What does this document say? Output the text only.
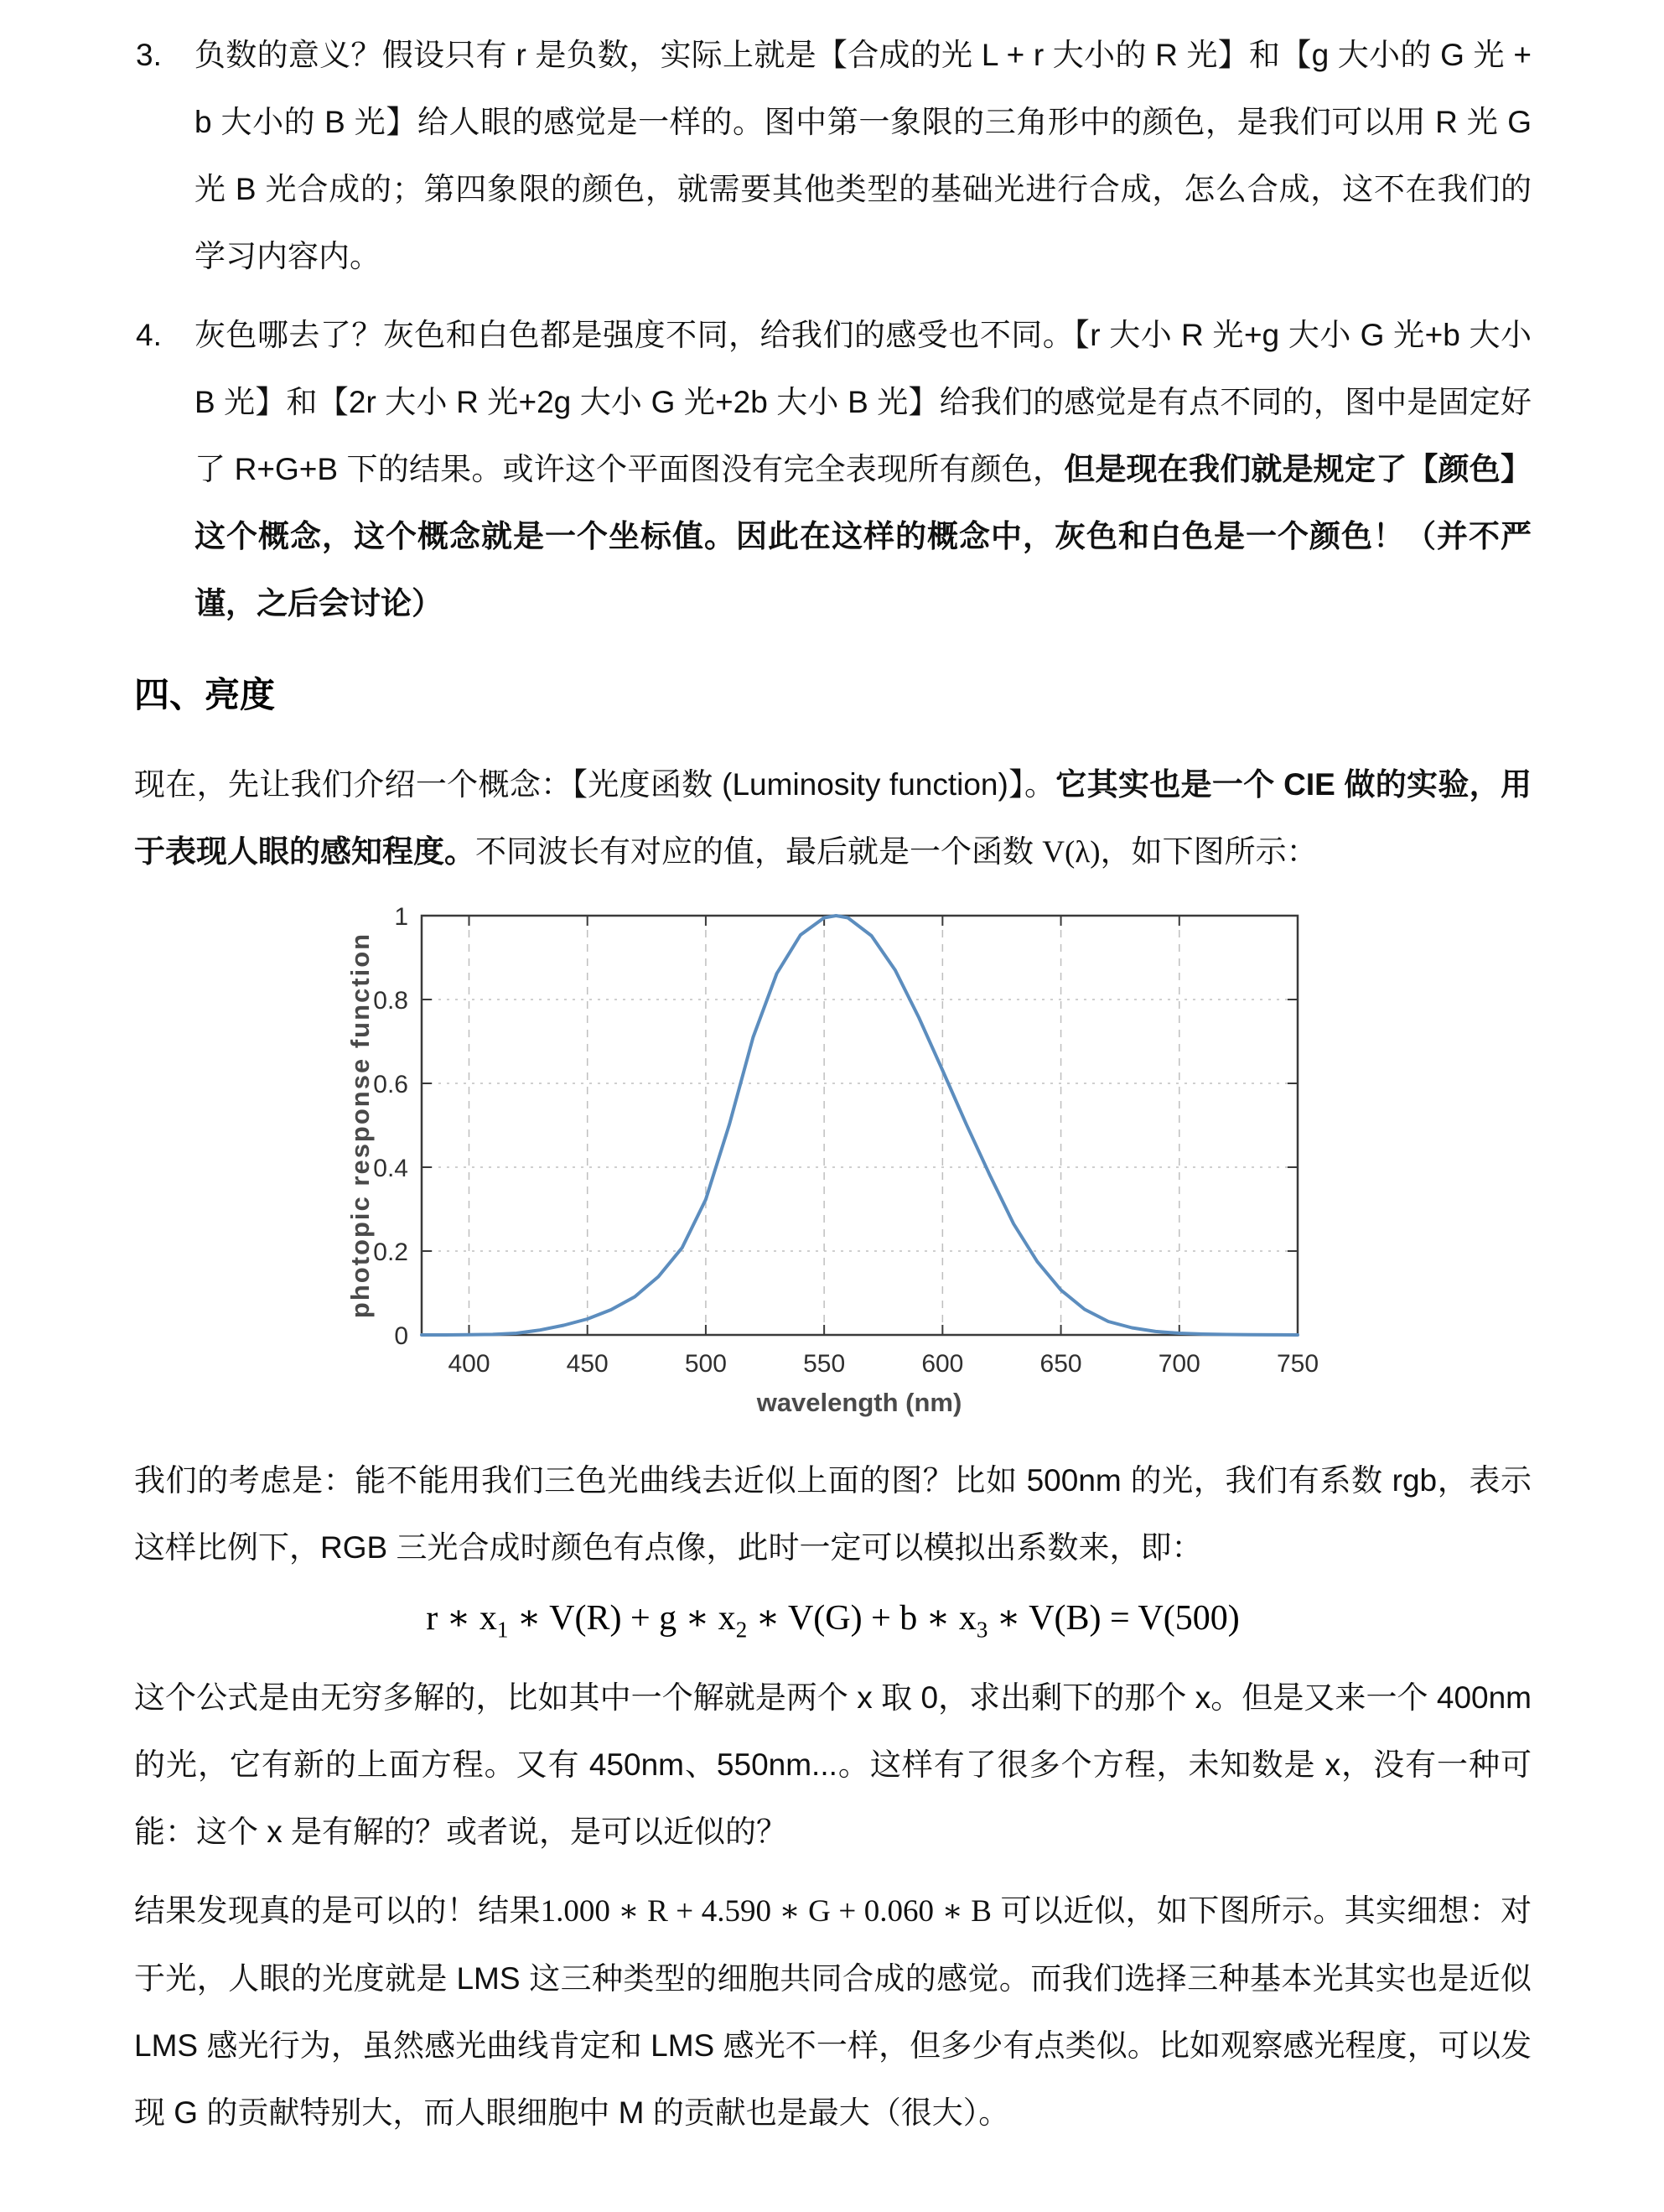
3. 负数的意义？假设只有 r 是负数，实际上就是【合成的光 L + r 大小的 R 光】和【g 大小的 G 光 + b 大小的 B 光】给人眼的感觉是一样的。图中第一象限的三角形中的颜色，是我们可以用 R 光 G 光 B 光合成的；第四象限的颜色，就需要其他类型的基础光进行合成，怎么合成，这不在我们的学习内容内。

4. 灰色哪去了？灰色和白色都是强度不同，给我们的感受也不同。【r 大小 R 光+g 大小 G 光+b 大小 B 光】和【2r 大小 R 光+2g 大小 G 光+2b 大小 B 光】给我们的感觉是有点不同的，图中是固定好了 R+G+B 下的结果。或许这个平面图没有完全表现所有颜色，但是现在我们就是规定了【颜色】这个概念，这个概念就是一个坐标值。因此在这样的概念中，灰色和白色是一个颜色！（并不严谨，之后会讨论）

四、亮度

现在，先让我们介绍一个概念：【光度函数 (Luminosity function)】。它其实也是一个 CIE 做的实验，用于表现人眼的感知程度。不同波长有对应的值，最后就是一个函数 V(λ)，如下图所示：

400	450	500	550	600	650	700	750
0
0.2
0.4
0.6
0.8
1
wavelength (nm)
photopic response function

我们的考虑是：能不能用我们三色光曲线去近似上面的图？比如 500nm 的光，我们有系数 rgb，表示这样比例下，RGB 三光合成时颜色有点像，此时一定可以模拟出系数来，即：

r ∗ $x_1$ ∗ V(R) + g ∗ $x_2$ ∗ V(G) + b ∗ $x_3$ ∗ V(B) = V(500)

这个公式是由无穷多解的，比如其中一个解就是两个 x 取 0，求出剩下的那个 x。但是又来一个 400nm 的光，它有新的上面方程。又有 450nm、550nm...。这样有了很多个方程，未知数是 x，没有一种可能：这个 x 是有解的？或者说，是可以近似的？

结果发现真的是可以的！结果1.000 ∗ R + 4.590 ∗ G + 0.060 ∗ B 可以近似，如下图所示。其实细想：对于光，人眼的光度就是 LMS 这三种类型的细胞共同合成的感觉。而我们选择三种基本光其实也是近似 LMS 感光行为，虽然感光曲线肯定和 LMS 感光不一样，但多少有点类似。比如观察感光程度，可以发现 G 的贡献特别大，而人眼细胞中 M 的贡献也是最大（很大）。
